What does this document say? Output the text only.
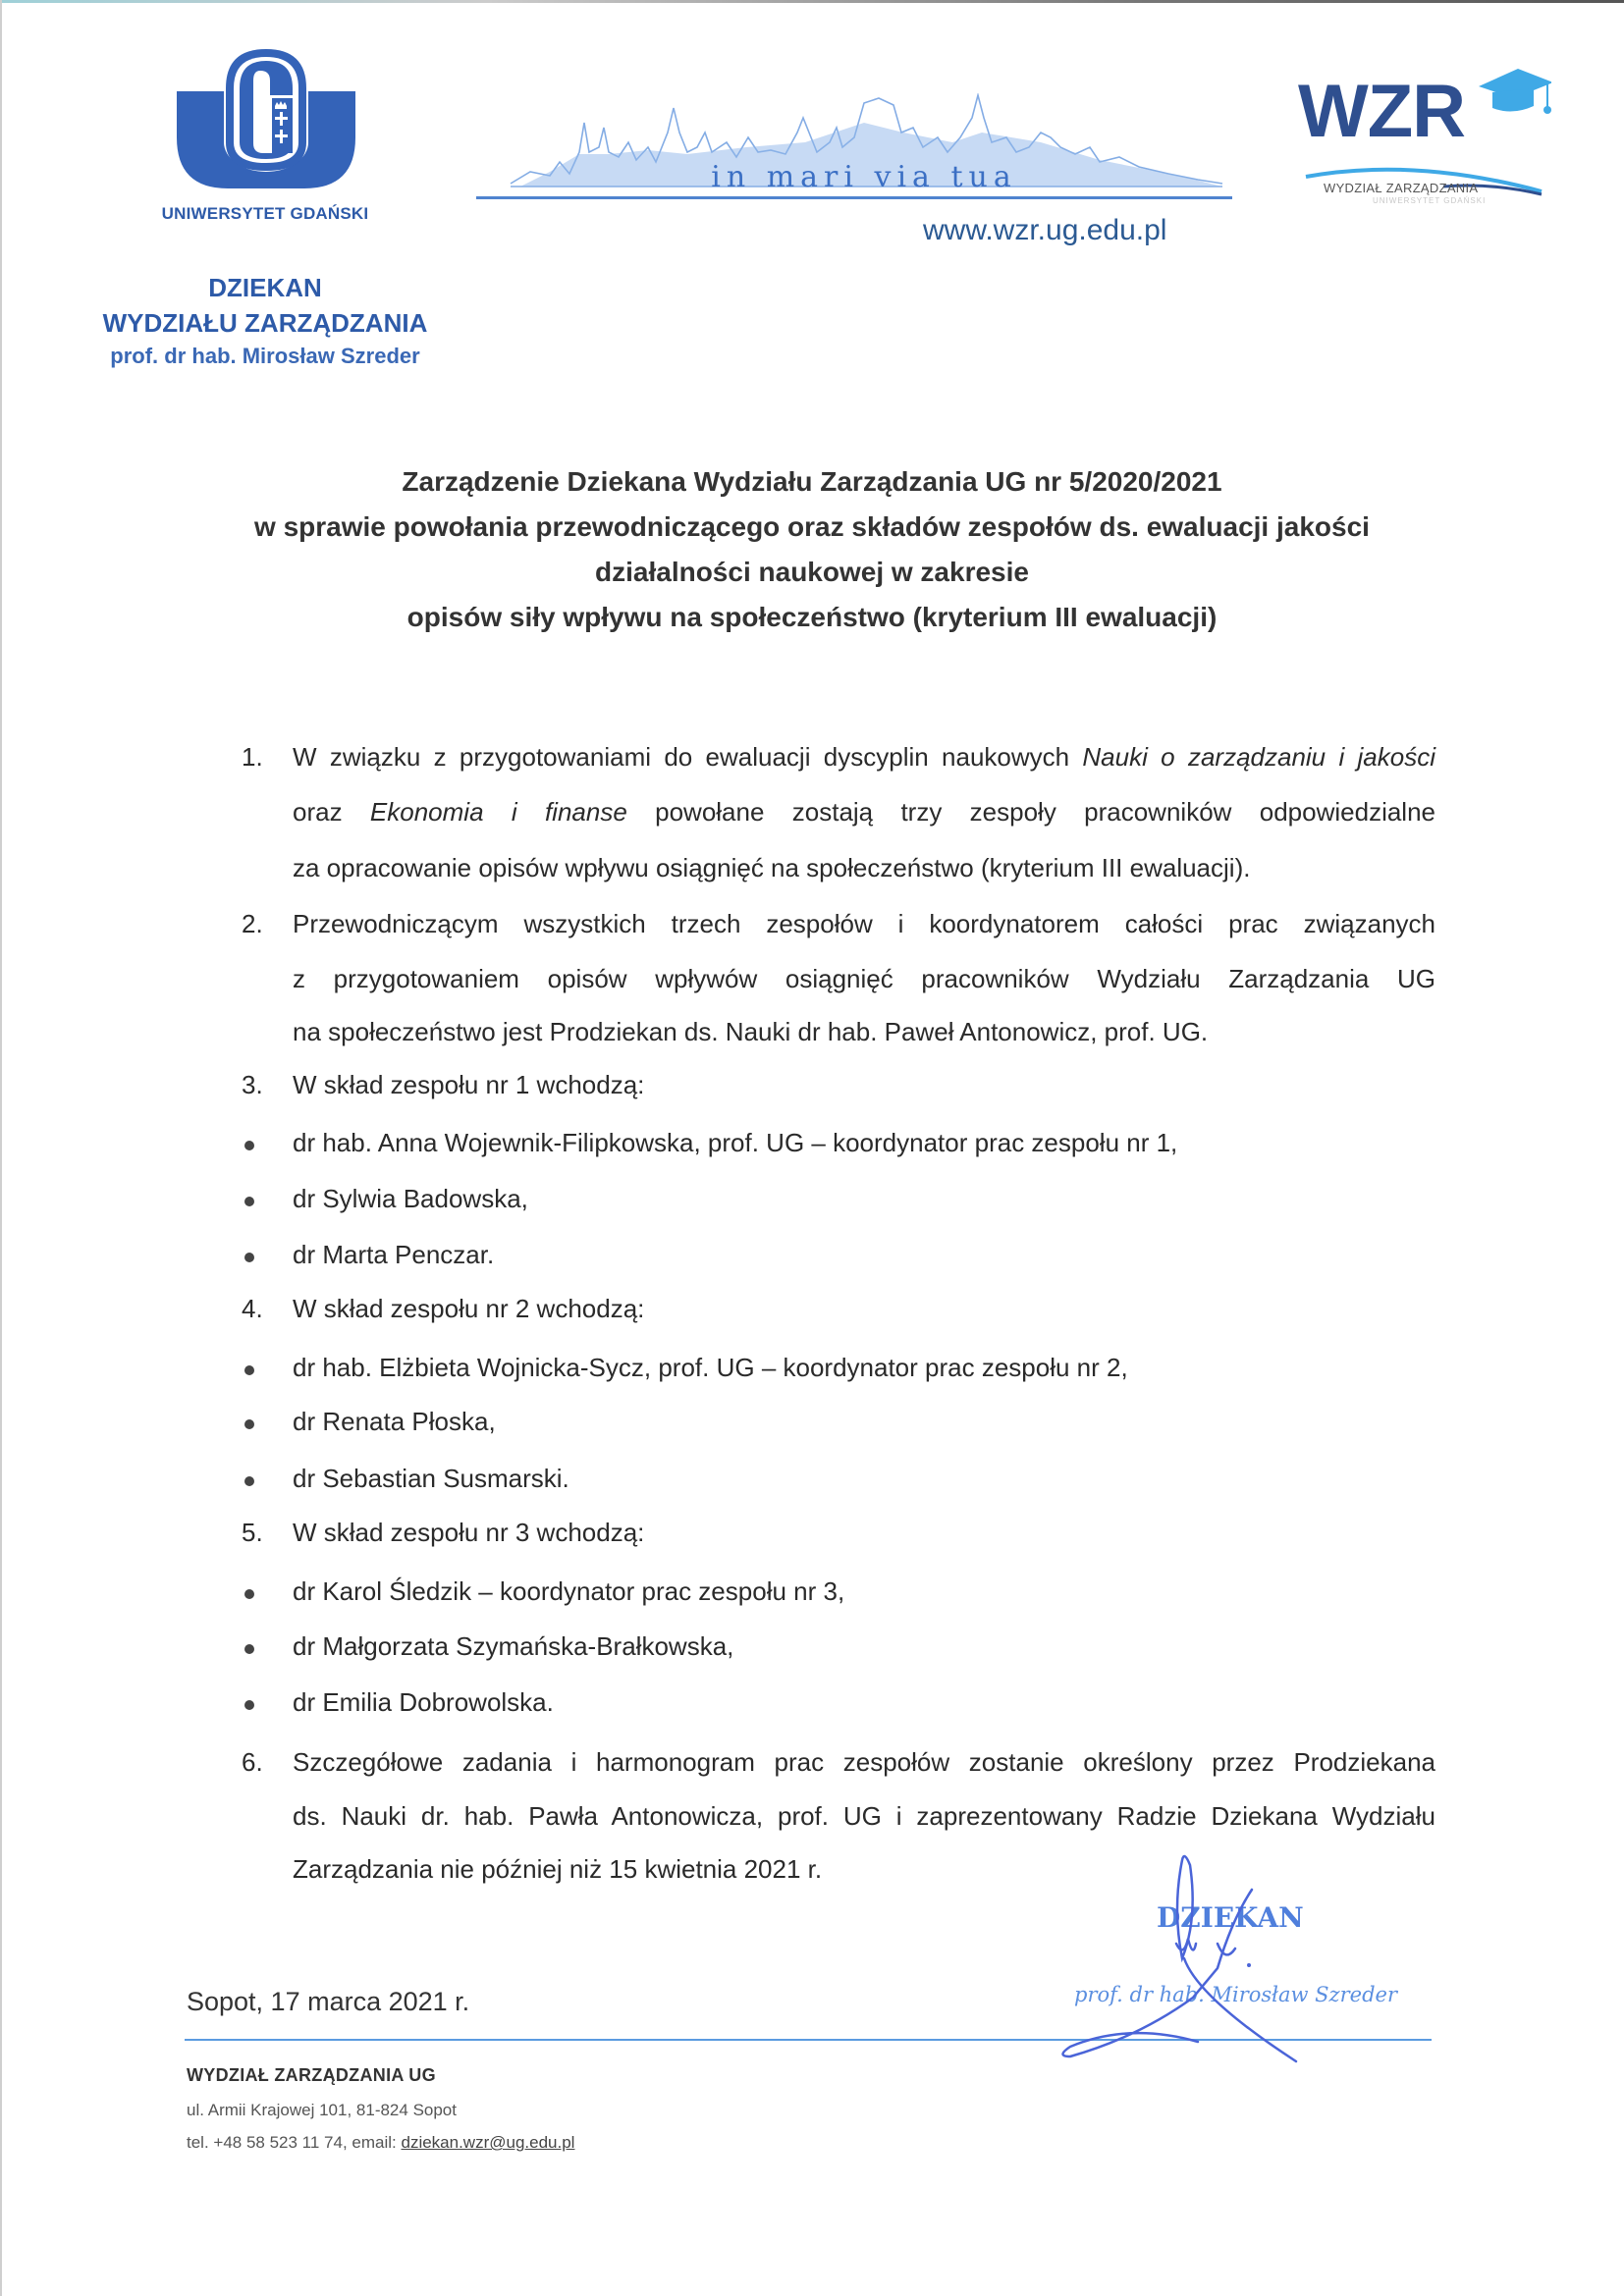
UNIWERSYTET GDAŃSKI
DZIEKAN
WYDZIAŁU ZARZĄDZANIA
prof. dr hab. Mirosław Szreder
in mari via tua
www.wzr.ug.edu.pl
WZR
WYDZIAŁ ZARZĄDZANIA
UNIWERSYTET GDAŃSKI
Zarządzenie Dziekana Wydziału Zarządzania UG nr 5/2020/2021
w sprawie powołania przewodniczącego oraz składów zespołów ds. ewaluacji jakości
działalności naukowej w zakresie
opisów siły wpływu na społeczeństwo (kryterium III ewaluacji)
1. W związku z przygotowaniami do ewaluacji dyscyplin naukowych Nauki o zarządzaniu i jakości
oraz Ekonomia i finanse powołane zostają trzy zespoły pracowników odpowiedzialne
za opracowanie opisów wpływu osiągnięć na społeczeństwo (kryterium III ewaluacji).
2. Przewodniczącym wszystkich trzech zespołów i koordynatorem całości prac związanych
z przygotowaniem opisów wpływów osiągnięć pracowników Wydziału Zarządzania UG
na społeczeństwo jest Prodziekan ds. Nauki dr hab. Paweł Antonowicz, prof. UG.
3. W skład zespołu nr 1 wchodzą:
dr hab. Anna Wojewnik-Filipkowska, prof. UG – koordynator prac zespołu nr 1,
dr Sylwia Badowska,
dr Marta Penczar.
4. W skład zespołu nr 2 wchodzą:
dr hab. Elżbieta Wojnicka-Sycz, prof. UG – koordynator prac zespołu nr 2,
dr Renata Płoska,
dr Sebastian Susmarski.
5. W skład zespołu nr 3 wchodzą:
dr Karol Śledzik – koordynator prac zespołu nr 3,
dr Małgorzata Szymańska-Brałkowska,
dr Emilia Dobrowolska.
6. Szczegółowe zadania i harmonogram prac zespołów zostanie określony przez Prodziekana
ds. Nauki dr. hab. Pawła Antonowicza, prof. UG i zaprezentowany Radzie Dziekana Wydziału
Zarządzania nie później niż 15 kwietnia 2021 r.
Sopot, 17 marca 2021 r.
DZIEKAN
prof. dr hab. Mirosław Szreder
WYDZIAŁ ZARZĄDZANIA UG
ul. Armii Krajowej 101, 81-824 Sopot
tel. +48 58 523 11 74, email: dziekan.wzr@ug.edu.pl
